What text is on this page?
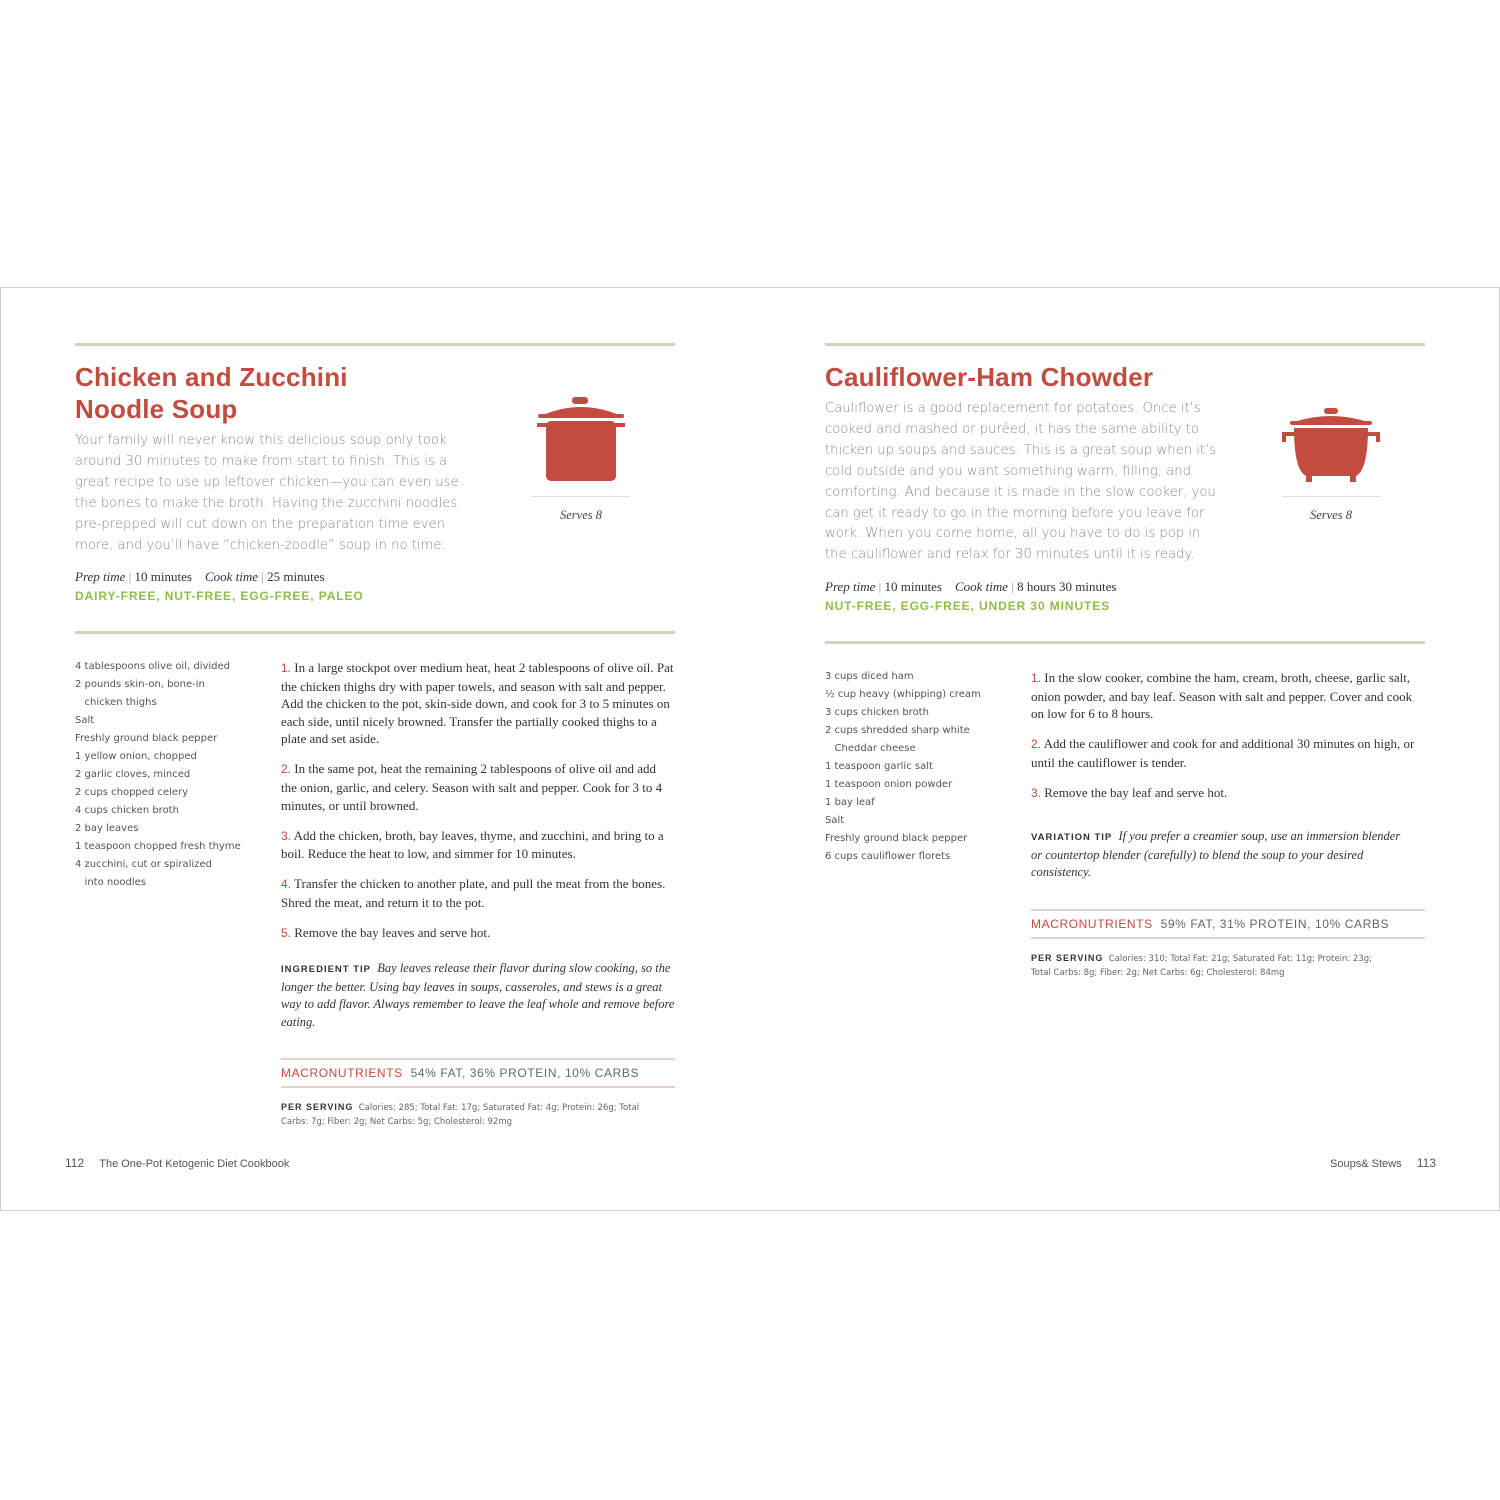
Chicken and Zucchini
Noodle Soup

Your family will never know this delicious soup only took around 30 minutes to make from start to finish. This is a great recipe to use up leftover chicken—you can even use the bones to make the broth. Having the zucchini noodles pre-prepped will cut down on the preparation time even more, and you’ll have “chicken-zoodle” soup in no time.

Serves 8
Prep time | 10 minutes Cook time | 25 minutes
DAIRY-FREE, NUT-FREE, EGG-FREE, PALEO
4 tablespoons olive oil, divided
2 pounds skin-on, bone-in
chicken thighs
Salt
Freshly ground black pepper
1 yellow onion, chopped
2 garlic cloves, minced
2 cups chopped celery
4 cups chicken broth
2 bay leaves
1 teaspoon chopped fresh thyme
4 zucchini, cut or spiralized
into noodles
1. In a large stockpot over medium heat, heat 2 tablespoons of olive oil. Pat the chicken thighs dry with paper towels, and season with salt and pepper. Add the chicken to the pot, skin-side down, and cook for 3 to 5 minutes on each side, until nicely browned. Transfer the partially cooked thighs to a plate and set aside.
2. In the same pot, heat the remaining 2 tablespoons of olive oil and add the onion, garlic, and celery. Season with salt and pepper. Cook for 3 to 4 minutes, or until browned.
3. Add the chicken, broth, bay leaves, thyme, and zucchini, and bring to a boil. Reduce the heat to low, and simmer for 10 minutes.
4. Transfer the chicken to another plate, and pull the meat from the bones. Shred the meat, and return it to the pot.
5. Remove the bay leaves and serve hot.

INGREDIENT TIP Bay leaves release their flavor during slow cooking, so the longer the better. Using bay leaves in soups, casseroles, and stews is a great way to add flavor. Always remember to leave the leaf whole and remove before eating.

MACRONUTRIENTS 54% FAT, 36% PROTEIN, 10% CARBS

PER SERVING Calories: 285; Total Fat: 17g; Saturated Fat: 4g; Protein: 26g; Total Carbs: 7g; Fiber: 2g; Net Carbs: 5g; Cholesterol: 92mg

112 The One-Pot Ketogenic Diet Cookbook
Cauliflower-Ham Chowder

Cauliflower is a good replacement for potatoes. Once it’s cooked and mashed or puréed, it has the same ability to thicken up soups and sauces. This is a great soup when it’s cold outside and you want something warm, filling, and comforting. And because it is made in the slow cooker, you can get it ready to go in the morning before you leave for work. When you come home, all you have to do is pop in the cauliflower and relax for 30 minutes until it is ready.

Serves 8
Prep time | 10 minutes Cook time | 8 hours 30 minutes
NUT-FREE, EGG-FREE, UNDER 30 MINUTES
3 cups diced ham
½ cup heavy (whipping) cream
3 cups chicken broth
2 cups shredded sharp white
Cheddar cheese
1 teaspoon garlic salt
1 teaspoon onion powder
1 bay leaf
Salt
Freshly ground black pepper
6 cups cauliflower florets
1. In the slow cooker, combine the ham, cream, broth, cheese, garlic salt, onion powder, and bay leaf. Season with salt and pepper. Cover and cook on low for 6 to 8 hours.
2. Add the cauliflower and cook for and additional 30 minutes on high, or until the cauliflower is tender.
3. Remove the bay leaf and serve hot.

VARIATION TIP If you prefer a creamier soup, use an immersion blender or countertop blender (carefully) to blend the soup to your desired consistency.

MACRONUTRIENTS 59% FAT, 31% PROTEIN, 10% CARBS

PER SERVING Calories: 310; Total Fat: 21g; Saturated Fat: 11g; Protein: 23g; Total Carbs: 8g; Fiber: 2g; Net Carbs: 6g; Cholesterol: 84mg

Soups& Stews 113
